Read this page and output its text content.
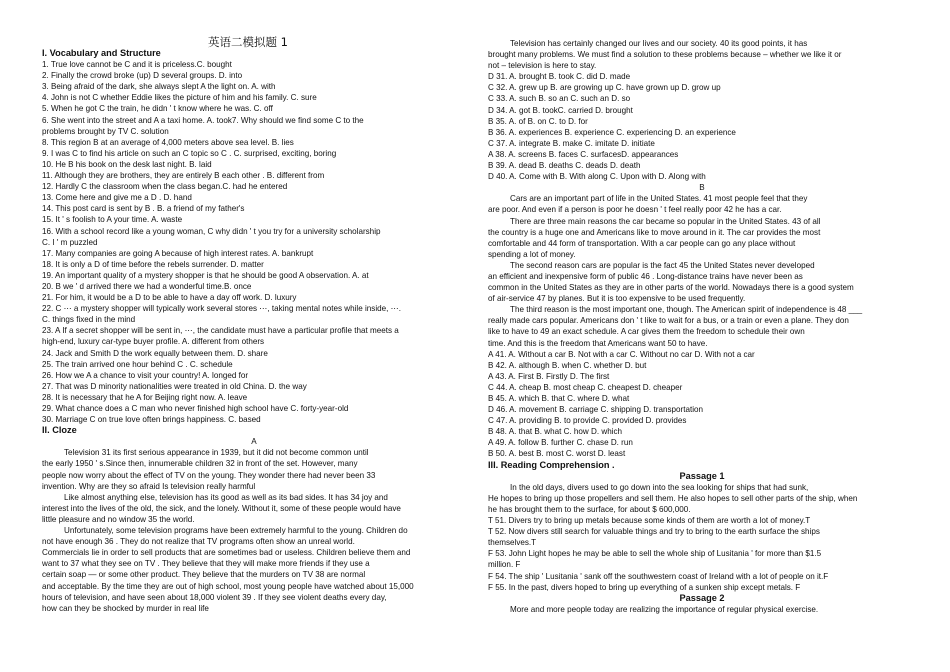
英语二模拟题 1
I. Vocabulary and Structure
1. True love cannot be C and it is priceless.C. bought
2. Finally the crowd broke (up) D several groups. D. into
3. Being afraid of the dark, she always slept A the light on. A. with
4. John is not C whether Eddie likes the picture of him and his family. C. sure
5. When he got C the train, he didn ' t know where he was. C. off
6. She went into the street and A a taxi home. A. took7. Why should we find some C to the
problems brought by TV C. solution
8. This region B at an average of 4,000 meters above sea level. B. lies
9. I was C to find his article on such an C topic so C . C. surprised, exciting, boring
10. He B his book on the desk last night. B. laid
11. Although they are brothers, they are entirely B each other . B. different from
12. Hardly C the classroom when the class began.C. had he entered
13. Come here and give me a D . D. hand
14. This post card is sent by B . B. a friend of my father's
15. It ' s foolish to A your time. A. waste
16. With a school record like a young woman, C why didn ' t you try for a university scholarship
C. I ' m puzzled
17. Many companies are going A because of high interest rates. A. bankrupt
18. It is only a D of time before the rebels surrender. D. matter
19. An important quality of a mystery shopper is that he should be good A observation. A. at
20. B we ' d arrived there we had a wonderful time.B. once
21. For him, it would be a D to be able to have a day off work. D. luxury
22. C ⋯ a mystery shopper will typically work several stores ⋯, taking mental notes while inside, ⋯.
C. things fixed in the mind
23. A If a secret shopper will be sent in, ⋯, the candidate must have a particular profile that meets a
high-end, luxury car-type buyer profile. A. different from others
24. Jack and Smith D the work equally between them. D. share
25. The train arrived one hour behind C . C. schedule
26. How we A a chance to visit your country! A. longed for
27. That was D minority nationalities were treated in old China. D. the way
28. It is necessary that he A for Beijing right now. A. leave
29. What chance does a C man who never finished high school have C. forty-year-old
30. Marriage C on true love often brings happiness. C. based
II. Cloze
A
Television 31 its first serious appearance in 1939, but it did not become common until
the early 1950 ' s.Since then, innumerable children 32 in front of the set. However, many
people now worry about the effect of TV on the young. They wonder there had never been 33
invention. Why are they so afraid Is television really harmful
Like almost anything else, television has its good as well as its bad sides. It has 34 joy and
interest into the lives of the old, the sick, and the lonely. Without it, some of these people would have
little pleasure and no window 35 the world.
Unfortunately, some television programs have been extremely harmful to the young. Children do
not have enough 36 . They do not realize that TV programs often show an unreal world.
Commercials lie in order to sell products that are sometimes bad or useless. Children believe them and
want to 37 what they see on TV . They believe that they will make more friends if they use a
certain soap — or some other product. They believe that the murders on TV 38 are normal
and acceptable. By the time they are out of high school, most young people have watched about 15,000
hours of television, and have seen about 18,000 violent 39 . If they see violent deaths every day,
how can they be shocked by murder in real life
Television has certainly changed our lives and our society. 40 its good points, it has
brought many problems. We must find a solution to these problems because – whether we like it or
not – television is here to stay.
D 31. A. brought B. took C. did D. made
C 32. A. grew up B. are growing up C. have grown up D. grow up
C 33. A. such B. so an C. such an D. so
D 34. A. got B. tookC. carried D. brought
B 35. A. of B. on C. to D. for
B 36. A. experiences B. experience C. experiencing D. an experience
C 37. A. integrate B. make C. imitate D. initiate
A 38. A. screens B. faces C. surfacesD. appearances
B 39. A. dead B. deaths C. deads D. death
D 40. A. Come with B. With along C. Upon with D. Along with
B
Cars are an important part of life in the United States. 41 most people feel that they
are poor. And even if a person is poor he doesn ' t feel really poor 42 he has a car.
There are three main reasons the car became so popular in the United States. 43 of all
the country is a huge one and Americans like to move around in it. The car provides the most
comfortable and 44 form of transportation. With a car people can go any place without
spending a lot of money.
The second reason cars are popular is the fact 45 the United States never developed
an efficient and inexpensive form of public 46 . Long-distance trains have never been as
common in the United States as they are in other parts of the world. Nowadays there is a good system
of air-service 47 by planes. But it is too expensive to be used frequently.
The third reason is the most important one, though. The American spirit of independence is 48 ___
really made cars popular. Americans don ' t like to wait for a bus, or a train or even a plane. They don
like to have to 49 an exact schedule. A car gives them the freedom to schedule their own
time. And this is the freedom that Americans want 50 to have.
A 41. A. Without a car B. Not with a car C. Without no car D. With not a car
B 42. A. although B. when C. whether D. but
A 43. A. First B. Firstly D. The first
C 44. A. cheap B. most cheap C. cheapest D. cheaper
B 45. A. which B. that C. where D. what
D 46. A. movement B. carriage C. shipping D. transportation
C 47. A. providing B. to provide C. provided D. provides
B 48. A. that B. what C. how D. which
A 49. A. follow B. further C. chase D. run
B 50. A. best B. most C. worst D. least
III. Reading Comprehension .
Passage 1
In the old days, divers used to go down into the sea looking for ships that had sunk,
He hopes to bring up those propellers and sell them. He also hopes to sell other parts of the ship, when
he has brought them to the surface, for about $ 600,000.
T 51. Divers try to bring up metals because some kinds of them are worth a lot of money.T
T 52. Now divers still search for valuable things and try to bring to the earth surface the ships
themselves.T
F 53. John Light hopes he may be able to sell the whole ship of Lusitania ' for more than $1.5
million. F
F 54. The ship ' Lusitania ' sank off the southwestern coast of Ireland with a lot of people on it.F
F 55. In the past, divers hoped to bring up everything of a sunken ship except metals. F
Passage 2
More and more people today are realizing the importance of regular physical exercise.
